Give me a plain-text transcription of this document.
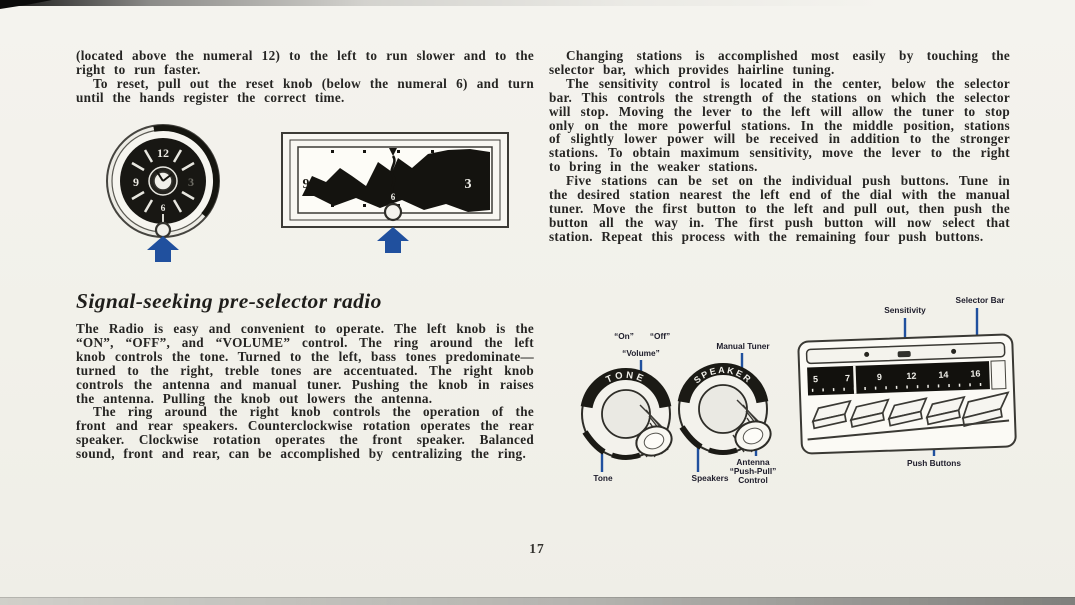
(located above the numeral 12) to the left to run slower and to the right to run faster.

To reset, pull out the reset knob (below the numeral 6) and turn until the hands register the correct time.

12
9	3
6
9	3
6
Signal-seeking pre-selector radio

The Radio is easy and convenient to operate. The left knob is the “ON”, “OFF”, and “VOLUME” control. The ring around the left knob controls the tone. Turned to the left, bass tones predominate—turned to the right, treble tones are accentuated. The right knob controls the antenna and manual tuner. Pushing the knob in raises the antenna. Pulling the knob out lowers the antenna.

The ring around the right knob controls the operation of the front and rear speakers. Counterclockwise rotation operates the rear speaker. Clockwise rotation operates the front speaker. Balanced sound, front and rear, can be accomplished by centralizing the ring.

Changing stations is accomplished most easily by touching the selector bar, which provides hairline tuning.

The sensitivity control is located in the center, below the selector bar. This controls the strength of the stations on which the selector will stop. Moving the lever to the left will allow the tuner to stop only on the more powerful stations. In the middle position, stations of slightly lower power will be received in addition to the stronger stations. To obtain maximum sensitivity, move the lever to the right to bring in the weaker stations.

Five stations can be set on the individual push buttons. Tune in the desired station nearest the left end of the dial with the manual tuner. Move the first button to the left and pull out, then push the button all the way in. The first push button will now select that station. Repeat this process with the remaining four push buttons.

TONE	SPEAKER	5	7	9	12 14 16
“On” “Off”
“Volume”
Manual Tuner
Tone	Speakers
Antenna
“Push-Pull”
Control
Sensitivity
Selector Bar
Push Buttons
17
